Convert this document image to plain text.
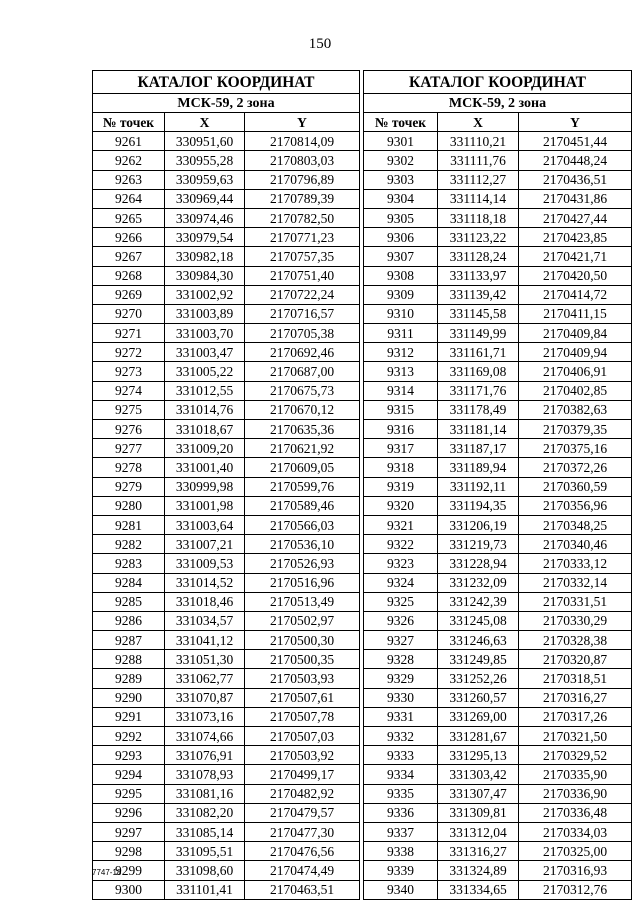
150
КАТАЛОГ КООРДИНАТ		
МСК-59, 2 зона		
№ точек	X	Y
9261	330951,60	2170814,09
9262	330955,28	2170803,03
9263	330959,63	2170796,89
9264	330969,44	2170789,39
9265	330974,46	2170782,50
9266	330979,54	2170771,23
9267	330982,18	2170757,35
9268	330984,30	2170751,40
9269	331002,92	2170722,24
9270	331003,89	2170716,57
9271	331003,70	2170705,38
9272	331003,47	2170692,46
9273	331005,22	2170687,00
9274	331012,55	2170675,73
9275	331014,76	2170670,12
9276	331018,67	2170635,36
9277	331009,20	2170621,92
9278	331001,40	2170609,05
9279	330999,98	2170599,76
9280	331001,98	2170589,46
9281	331003,64	2170566,03
9282	331007,21	2170536,10
9283	331009,53	2170526,93
9284	331014,52	2170516,96
9285	331018,46	2170513,49
9286	331034,57	2170502,97
9287	331041,12	2170500,30
9288	331051,30	2170500,35
9289	331062,77	2170503,93
9290	331070,87	2170507,61
9291	331073,16	2170507,78
9292	331074,66	2170507,03
9293	331076,91	2170503,92
9294	331078,93	2170499,17
9295	331081,16	2170482,92
9296	331082,20	2170479,57
9297	331085,14	2170477,30
9298	331095,51	2170476,56
9299	331098,60	2170474,49
9300	331101,41	2170463,51
КАТАЛОГ КООРДИНАТ		
МСК-59, 2 зона		
№ точек	X	Y
9301	331110,21	2170451,44
9302	331111,76	2170448,24
9303	331112,27	2170436,51
9304	331114,14	2170431,86
9305	331118,18	2170427,44
9306	331123,22	2170423,85
9307	331128,24	2170421,71
9308	331133,97	2170420,50
9309	331139,42	2170414,72
9310	331145,58	2170411,15
9311	331149,99	2170409,84
9312	331161,71	2170409,94
9313	331169,08	2170406,91
9314	331171,76	2170402,85
9315	331178,49	2170382,63
9316	331181,14	2170379,35
9317	331187,17	2170375,16
9318	331189,94	2170372,26
9319	331192,11	2170360,59
9320	331194,35	2170356,96
9321	331206,19	2170348,25
9322	331219,73	2170340,46
9323	331228,94	2170333,12
9324	331232,09	2170332,14
9325	331242,39	2170331,51
9326	331245,08	2170330,29
9327	331246,63	2170328,38
9328	331249,85	2170320,87
9329	331252,26	2170318,51
9330	331260,57	2170316,27
9331	331269,00	2170317,26
9332	331281,67	2170321,50
9333	331295,13	2170329,52
9334	331303,42	2170335,90
9335	331307,47	2170336,90
9336	331309,81	2170336,48
9337	331312,04	2170334,03
9338	331316,27	2170325,00
9339	331324,89	2170316,93
9340	331334,65	2170312,76
7747-18
